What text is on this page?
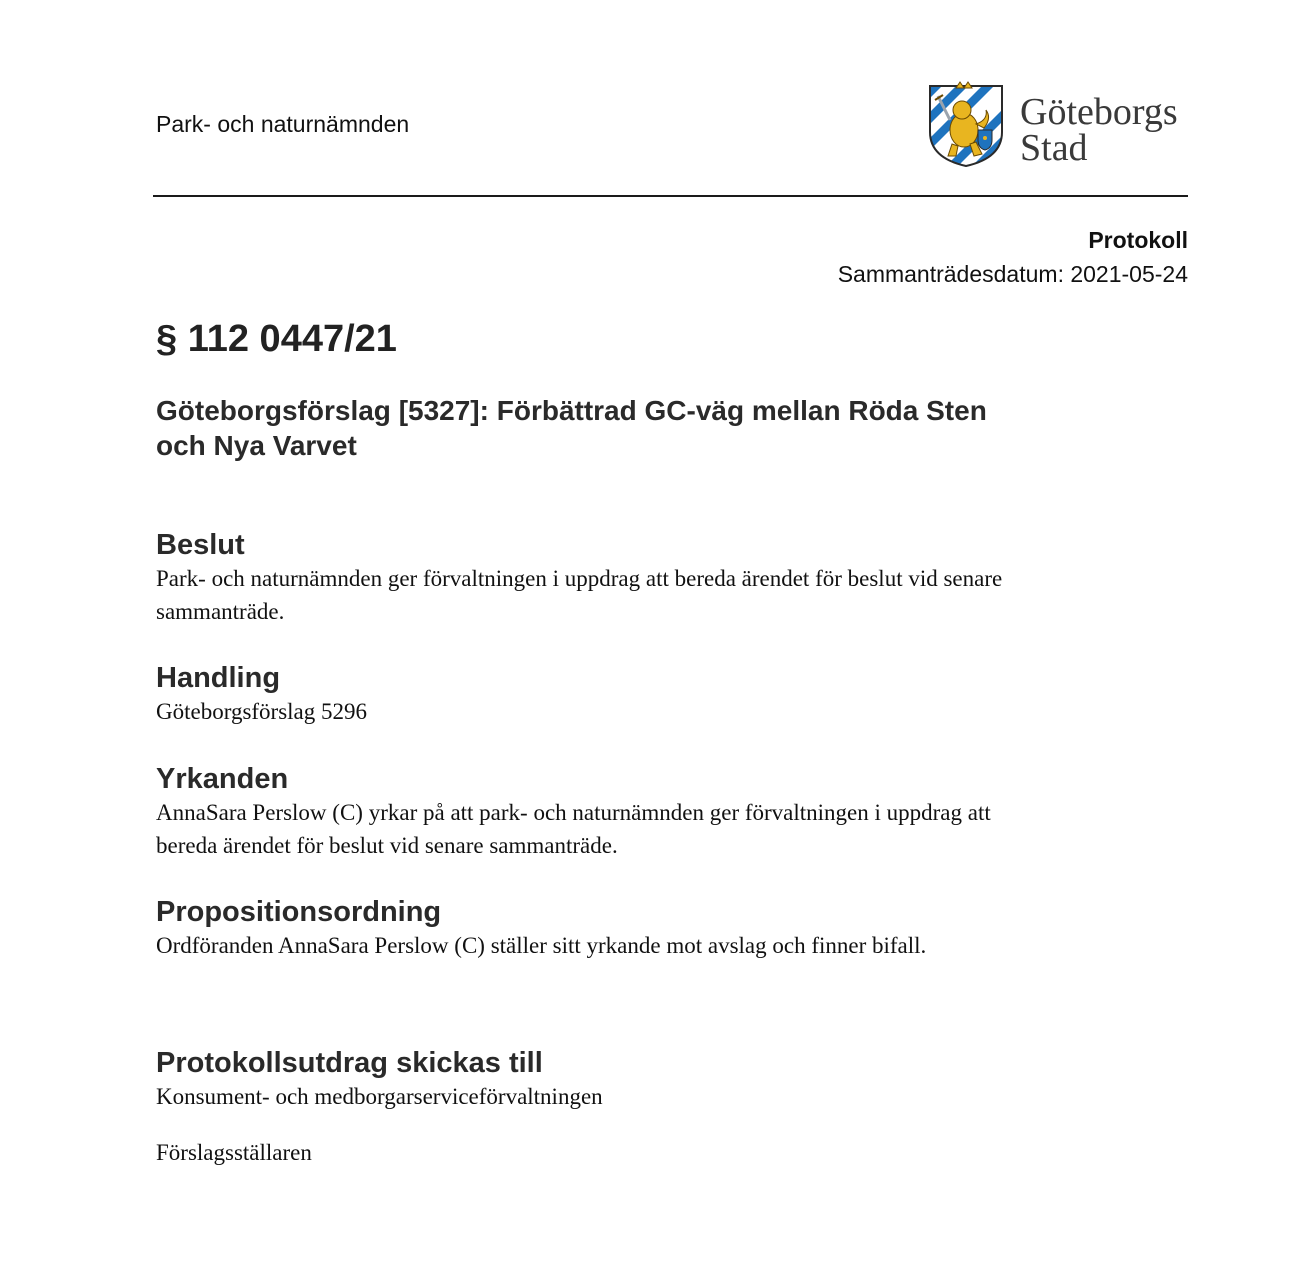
Park- och naturnämnden	Göteborgs
Stad
Protokoll
Sammanträdesdatum: 2021-05-24
§ 112 0447/21
Göteborgsförslag [5327]: Förbättrad GC-väg mellan Röda Sten och Nya Varvet
Beslut

Park- och naturnämnden ger förvaltningen i uppdrag att bereda ärendet för beslut vid senare sammanträde.

Handling

Göteborgsförslag 5296

Yrkanden

AnnaSara Perslow (C) yrkar på att park- och naturnämnden ger förvaltningen i uppdrag att bereda ärendet för beslut vid senare sammanträde.

Propositionsordning

Ordföranden AnnaSara Perslow (C) ställer sitt yrkande mot avslag och finner bifall.

Protokollsutdrag skickas till

Konsument- och medborgarserviceförvaltningen

Förslagsställaren
